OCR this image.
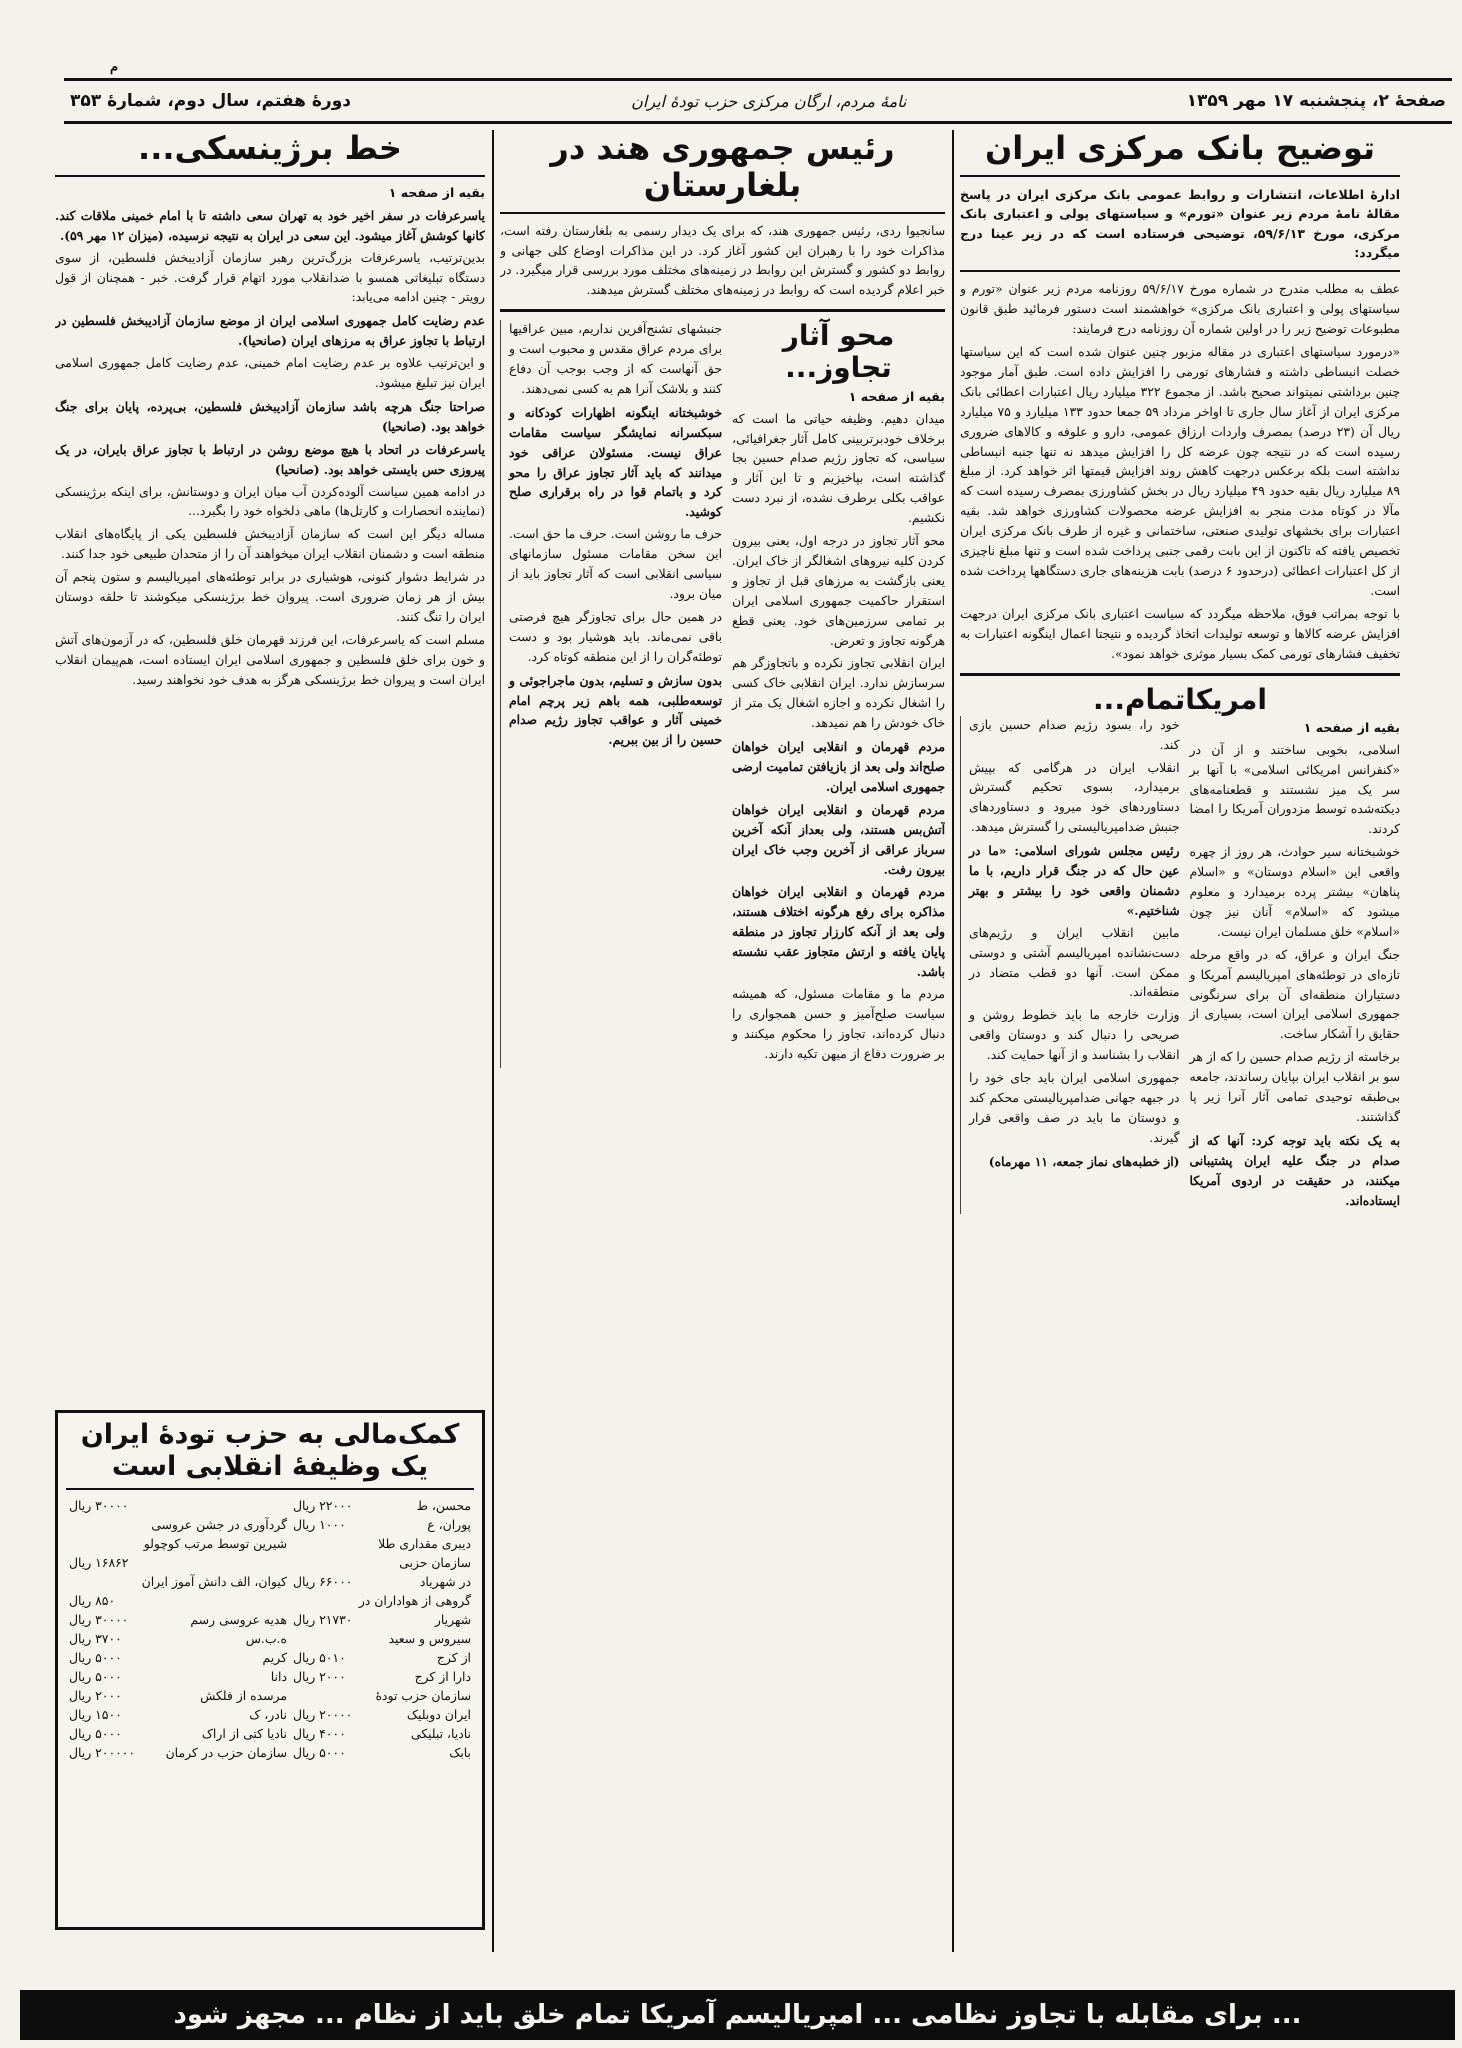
م
صفحهٔ ۲، پنجشنبه ۱۷ مهر ۱۳۵۹
نامهٔ مردم، ارگان مرکزی حزب تودهٔ ایران
دورهٔ هفتم، سال دوم، شمارهٔ ۳۵۳
توضیح بانک مرکزی ایران
ادارهٔ اطلاعات، انتشارات و روابط عمومی بانک مرکزی ایران در پاسخ مقالهٔ نامهٔ مردم زیر عنوان «تورم» و سیاستهای پولی و اعتباری بانک مرکزی، مورخ ۵۹/۶/۱۳، توضیحی فرستاده است که در زیر عینا درج میگردد:

عطف به مطلب مندرج در شماره مورخ ۵۹/۶/۱۷ روزنامه مردم زیر عنوان «تورم و سیاستهای پولی و اعتباری بانک مرکزی» خواهشمند است دستور فرمائید طبق قانون مطبوعات توضیح زیر را در اولین شماره آن روزنامه درج فرمایند:

«درمورد سیاستهای اعتباری در مقاله مزبور چنین عنوان شده است که این سیاستها خصلت انبساطی داشته و فشارهای تورمی را افزایش داده است. طبق آمار موجود چنین برداشتی نمیتواند صحیح باشد. از مجموع ۳۲۲ میلیارد ریال اعتبارات اعطائی بانک مرکزی ایران از آغاز سال جاری تا اواخر مرداد ۵۹ جمعا حدود ۱۳۳ میلیارد و ۷۵ میلیارد ریال آن (۲۳ درصد) بمصرف واردات ارزاق عمومی، دارو و علوفه و کالاهای ضروری رسیده است که در نتیجه چون عرضه کل را افزایش میدهد نه تنها جنبه انبساطی نداشته است بلکه برعکس درجهت کاهش روند افزایش قیمتها اثر خواهد کرد. از مبلغ ۸۹ میلیارد ریال بقیه حدود ۴۹ میلیارد ریال در بخش کشاورزی بمصرف رسیده است که مآلا در کوتاه مدت منجر به افزایش عرضه محصولات کشاورزی خواهد شد. بقیه اعتبارات برای بخشهای تولیدی صنعتی، ساختمانی و غیره از طرف بانک مرکزی ایران تخصیص یافته که تاکنون از این بابت رقمی جنبی پرداخت شده است و تنها مبلغ ناچیزی از کل اعتبارات اعطائی (درحدود ۶ درصد) بابت هزینه‌های جاری دستگاهها پرداخت شده است.

با توجه بمراتب فوق، ملاحظه میگردد که سیاست اعتباری بانک مرکزی ایران درجهت افزایش عرضه کالاها و توسعه تولیدات اتخاذ گردیده و نتیجتا اعمال اینگونه اعتبارات به تخفیف فشارهای تورمی کمک بسیار موثری خواهد نمود».

امریکاتمام...
بقیه از صفحه ۱

اسلامی، بخوبی ساختند و از آن در «کنفرانس امریکائی اسلامی» با آنها بر سر یک میز نشستند و قطعنامه‌های دیکته‌شده توسط مزدوران آمریکا را امضا کردند.

خوشبختانه سیر حوادث، هر روز از چهره واقعی این «اسلام دوستان» و «اسلام پناهان» بیشتر پرده برمیدارد و معلوم میشود که «اسلام» آنان نیز چون «اسلام» خلق مسلمان ایران نیست.

جنگ ایران و عراق، که در واقع مرحله تازه‌ای در توطئه‌های امپریالیسم آمریکا و دستیاران منطقه‌ای آن برای سرنگونی جمهوری اسلامی ایران است، بسیاری از حقایق را آشکار ساخت.

برخاسته از رژیم صدام حسین را که از هر سو بر انقلاب ایران بپایان رساندند، جامعه بی‌طبقه توحیدی تمامی آثار آنرا زیر پا گذاشتند.

به یک نکته باید توجه کرد: آنها که از صدام در جنگ علیه ایران پشتیبانی میکنند، در حقیقت در اردوی آمریکا ایستاده‌اند.

خود را، بسود رژیم صدام حسین بازی کند.

انقلاب ایران در هرگامی که بپیش برمیدارد، بسوی تحکیم گسترش دستاوردهای خود میرود و دستاوردهای جنبش ضدامپریالیستی را گسترش میدهد.

رئیس مجلس شورای اسلامی: «ما در عین حال که در جنگ قرار داریم، با ما دشمنان واقعی خود را بیشتر و بهتر شناختیم.»

مابین انقلاب ایران و رژیم‌های دست‌نشانده امپریالیسم آشتی و دوستی ممکن است. آنها دو قطب متضاد در منطقه‌اند.

وزارت خارجه ما باید خطوط روشن و صریحی را دنبال کند و دوستان واقعی انقلاب را بشناسد و از آنها حمایت کند.

جمهوری اسلامی ایران باید جای خود را در جبهه جهانی ضدامپریالیستی محکم کند و دوستان ما باید در صف واقعی قرار گیرند.

(از خطبه‌های نماز جمعه، ۱۱ مهرماه)

رئیس جمهوری هند در بلغارستان

سانجیوا ردی، رئیس جمهوری هند، که برای یک دیدار رسمی به بلغارستان رفته است، مذاکرات خود را با رهبران این کشور آغاز کرد. در این مذاکرات اوضاع کلی جهانی و روابط دو کشور و گسترش این روابط در زمینه‌های مختلف مورد بررسی قرار میگیرد. در خبر اعلام گردیده است که روابط در زمینه‌های مختلف گسترش میدهند.

محو آثار تجاوز...
بقیه از صفحه ۱

میدان دهیم. وظیفه حیاتی ما است که برخلاف خودبرتربینی کامل آثار جغرافیائی، سیاسی، که تجاوز رژیم صدام حسین بجا گذاشته است، بپاخیزیم و تا این آثار و عواقب بکلی برطرف نشده، از نبرد دست نکشیم.

محو آثار تجاوز در درجه اول، یعنی بیرون کردن کلیه نیروهای اشغالگر از خاک ایران. یعنی بازگشت به مرزهای قبل از تجاوز و استقرار حاکمیت جمهوری اسلامی ایران بر تمامی سرزمین‌های خود. یعنی قطع هرگونه تجاوز و تعرض.

ایران انقلابی تجاوز نکرده و باتجاوزگر هم سرسازش ندارد. ایران انقلابی خاک کسی را اشغال نکرده و اجازه اشغال یک متر از خاک خودش را هم نمیدهد.

مردم قهرمان و انقلابی ایران خواهان صلح‌اند ولی بعد از بازیافتن تمامیت ارضی جمهوری اسلامی ایران.

مردم قهرمان و انقلابی ایران خواهان آتش‌بس هستند، ولی بعداز آنکه آخرین سرباز عراقی از آخرین وجب خاک ایران بیرون رفت.

مردم قهرمان و انقلابی ایران خواهان مذاکره برای رفع هرگونه اختلاف هستند، ولی بعد از آنکه کارزار تجاوز در منطقه پایان یافته و ارتش متجاوز عقب نشسته باشد.

مردم ما و مقامات مسئول، که همیشه سیاست صلح‌آمیز و حسن همجواری را دنبال کرده‌اند، تجاوز را محکوم میکنند و بر ضرورت دفاع از میهن تکیه دارند.

جنبشهای تشنج‌آفرین نداریم، مبین عراقیها برای مردم عراق مقدس و محبوب است و حق آنهاست که از وجب بوجب آن دفاع کنند و بلاشک آنرا هم به کسی نمی‌دهند.

خوشبختانه اینگونه اظهارات کودکانه و سبکسرانه نمایشگر سیاست مقامات عراق نیست. مسئولان عراقی خود میدانند که باید آثار تجاوز عراق را محو کرد و باتمام قوا در راه برقراری صلح کوشید.

حرف ما روشن است. حرف ما حق است. این سخن مقامات مسئول سازمانهای سیاسی انقلابی است که آثار تجاوز باید از میان برود.

در همین حال برای تجاوزگر هیچ فرصتی باقی نمی‌ماند. باید هوشیار بود و دست توطئه‌گران را از این منطقه کوتاه کرد.

بدون سازش و تسلیم، بدون ماجراجوئی و توسعه‌طلبی، همه باهم زیر پرچم امام خمینی آثار و عواقب تجاوز رژیم صدام حسین را از بین ببریم.

خط برژینسکی...
بقیه از صفحه ۱

یاسرعرفات در سفر اخیر خود به تهران سعی داشته تا با امام خمینی ملاقات کند. کانها کوشش آغاز میشود. این سعی در ایران به نتیجه نرسیده، (میزان ۱۲ مهر ۵۹).

بدین‌ترتیب، یاسرعرفات بزرگ‌ترین رهبر سازمان آزادیبخش فلسطین، از سوی دستگاه تبلیغاتی همسو با ضدانقلاب مورد اتهام قرار گرفت. خبر - همچنان از قول رویتر - چنین ادامه می‌یابد:

عدم رضایت کامل جمهوری اسلامی ایران از موضع سازمان آزادیبخش فلسطین در ارتباط با تجاوز عراق به مرزهای ایران (صانحیا).

و این‌ترتیب علاوه بر عدم رضایت امام خمینی، عدم رضایت کامل جمهوری اسلامی ایران نیز تبلیغ میشود.

صراحتا جنگ هرچه باشد سازمان آزادیبخش فلسطین، بی‌پرده، پایان برای جنگ خواهد بود. (صانحیا)

یاسرعرفات در اتحاد با هیچ موضع روشن در ارتباط با تجاوز عراق بایران، در یک پیروزی حس بایستی خواهد بود. (صانحیا)

در ادامه همین سیاست آلوده‌کردن آب میان ایران و دوستانش، برای اینکه برژینسکی (نماینده انحصارات و کارتل‌ها) ماهی دلخواه خود را بگیرد...

مساله دیگر این است که سازمان آزادیبخش فلسطین یکی از پایگاه‌های انقلاب منطقه است و دشمنان انقلاب ایران میخواهند آن را از متحدان طبیعی خود جدا کنند.

در شرایط دشوار کنونی، هوشیاری در برابر توطئه‌های امپریالیسم و ستون پنجم آن بیش از هر زمان ضروری است. پیروان خط برژینسکی میکوشند تا حلقه دوستان ایران را تنگ کنند.

مسلم است که یاسرعرفات، این فرزند قهرمان خلق فلسطین، که در آزمون‌های آتش و خون برای خلق فلسطین و جمهوری اسلامی ایران ایستاده است، هم‌پیمان انقلاب ایران است و پیروان خط برژینسکی هرگز به هدف خود نخواهند رسید.

کمک‌مالی به حزب تودهٔ ایران یک وظیفهٔ انقلابی است
محسن، ط	۲۲۰۰۰ ریال		۳۰۰۰۰ ریال
پوران، ع	۱۰۰۰ ریال	گردآوری در جشن عروسی	
دیبری مقداری طلا		شیرین توسط مرتب کوچولو	
سازمان حزبی			۱۶۸۶۲ ریال
در شهریاد	۶۶۰۰۰ ریال	کیوان، الف دانش آموز ایران	
گروهی از هواداران در			۸۵۰ ریال
شهریار	۲۱۷۳۰ ریال	هدیه عروسی رسم	۳۰۰۰۰ ریال
سیروس و سعید		ه.ب.س	۳۷۰۰ ریال
از کرج	۵۰۱۰ ریال	کریم	۵۰۰۰ ریال
دارا از کرج	۲۰۰۰ ریال	دانا	۵۰۰۰ ریال
سازمان حزب تودهٔ		مرسده از فلکش	۲۰۰۰ ریال
ایران دوبلیک	۲۰۰۰۰ ریال	نادر، ک	۱۵۰۰ ریال
نادیا، تبلیکی	۴۰۰۰ ریال	نادیا کتی از اراک	۵۰۰۰ ریال
بابک	۵۰۰۰ ریال	سازمان حزب در کرمان	۲۰۰۰۰۰ ریال
... برای مقابله با تجاوز نظامی ... امپریالیسم آمریکا تمام خلق باید از نظام ... مجهز شود
